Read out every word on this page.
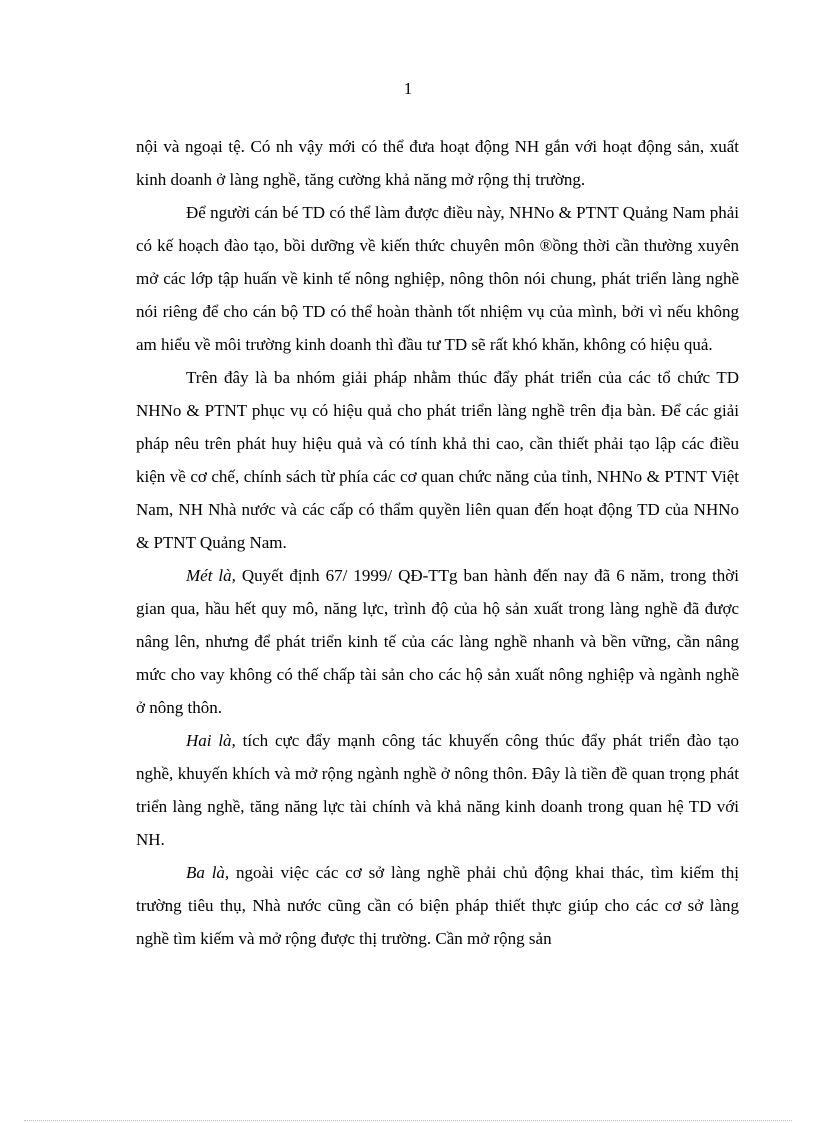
1

nội và ngoại tệ. Có nh vậy mới có thể đưa hoạt động NH gắn với hoạt động sản, xuất kinh doanh ở làng nghề, tăng cường khả năng mở rộng thị trường.

Để người cán bé TD có thể làm được điều này, NHNo & PTNT Quảng Nam phải có kế hoạch đào tạo, bồi dưỡng về kiến thức chuyên môn ®ồng thời cần thường xuyên mở các lớp tập huấn về kinh tế nông nghiệp, nông thôn nói chung, phát triển làng nghề nói riêng để cho cán bộ TD có thể hoàn thành tốt nhiệm vụ của mình, bởi vì nếu không am hiểu về môi trường kinh doanh thì đầu tư TD sẽ rất khó khăn, không có hiệu quả.

Trên đây là ba nhóm giải pháp nhằm thúc đẩy phát triển của các tổ chức TD NHNo & PTNT phục vụ có hiệu quả cho phát triển làng nghề trên địa bàn. Để các giải pháp nêu trên phát huy hiệu quả và có tính khả thi cao, cần thiết phải tạo lập các điều kiện về cơ chế, chính sách từ phía các cơ quan chức năng của tỉnh, NHNo & PTNT Việt Nam, NH Nhà nước và các cấp có thẩm quyền liên quan đến hoạt động TD của NHNo & PTNT Quảng Nam.

Mét là, Quyết định 67/ 1999/ QĐ-TTg ban hành đến nay đã 6 năm, trong thời gian qua, hầu hết quy mô, năng lực, trình độ của hộ sản xuất trong làng nghề đã được nâng lên, nhưng để phát triển kinh tế của các làng nghề nhanh và bền vững, cần nâng mức cho vay không có thế chấp tài sản cho các hộ sản xuất nông nghiệp và ngành nghề ở nông thôn.

Hai là, tích cực đẩy mạnh công tác khuyến công thúc đẩy phát triển đào tạo nghề, khuyến khích và mở rộng ngành nghề ở nông thôn. Đây là tiền đề quan trọng phát triển làng nghề, tăng năng lực tài chính và khả năng kinh doanh trong quan hệ TD với NH.

Ba là, ngoài việc các cơ sở làng nghề phải chủ động khai thác, tìm kiếm thị trường tiêu thụ, Nhà nước cũng cần có biện pháp thiết thực giúp cho các cơ sở làng nghề tìm kiếm và mở rộng được thị trường. Cần mở rộng sản
